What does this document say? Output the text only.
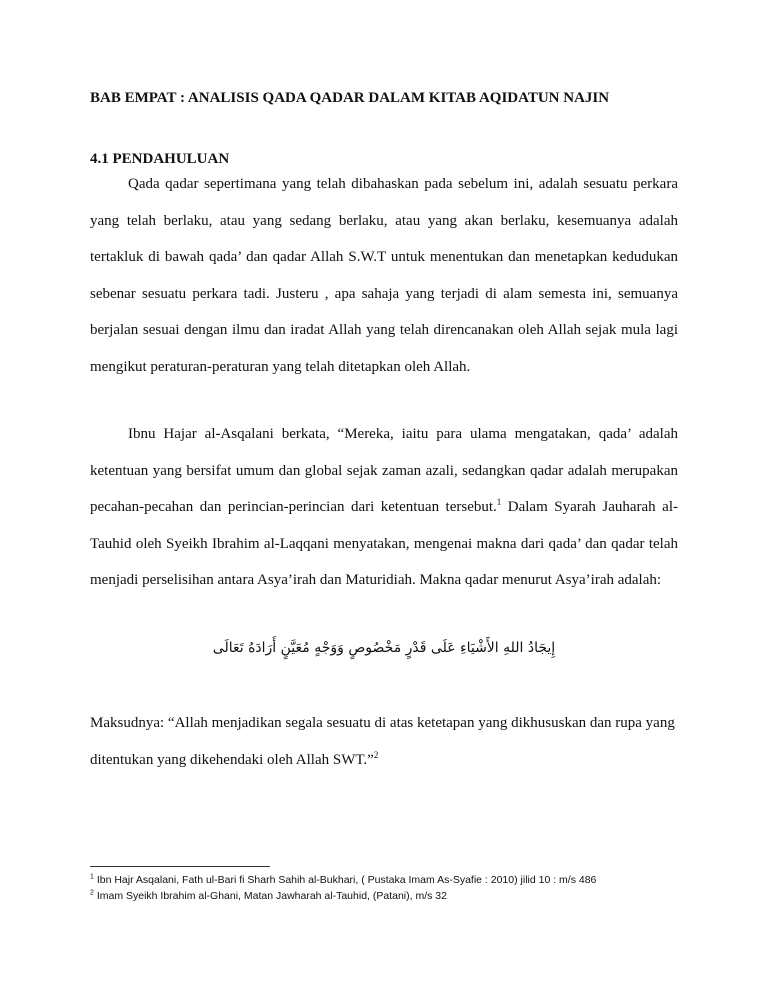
BAB EMPAT : ANALISIS QADA QADAR DALAM KITAB AQIDATUN NAJIN
4.1 PENDAHULUAN

Qada qadar sepertimana yang telah dibahaskan pada sebelum ini, adalah sesuatu perkara yang telah berlaku, atau yang sedang berlaku, atau yang akan berlaku, kesemuanya adalah tertakluk di bawah qada’ dan qadar Allah S.W.T untuk menentukan dan menetapkan kedudukan sebenar sesuatu perkara tadi. Justeru , apa sahaja yang terjadi di alam semesta ini, semuanya berjalan sesuai dengan ilmu dan iradat Allah yang telah direncanakan oleh Allah sejak mula lagi mengikut peraturan-peraturan yang telah ditetapkan oleh Allah.

Ibnu Hajar al-Asqalani berkata, “Mereka, iaitu para ulama mengatakan, qada’ adalah ketentuan yang bersifat umum dan global sejak zaman azali, sedangkan qadar adalah merupakan pecahan-pecahan dan perincian-perincian dari ketentuan tersebut.$^1$ Dalam Syarah Jauharah al-Tauhid oleh Syeikh Ibrahim al-Laqqani menyatakan, mengenai makna dari qada’ dan qadar telah menjadi perselisihan antara Asya’irah dan Maturidiah. Makna qadar menurut Asya’irah adalah:

إِيجَادُ اللهِ الأَشْيَاءِ عَلَى قَدْرٍ مَخْصُوصٍ وَوَجْهٍ مُعَيَّنٍ أَرَادَهُ تَعَالَى

Maksudnya: “Allah menjadikan segala sesuatu di atas ketetapan yang dikhususkan dan rupa yang ditentukan yang dikehendaki oleh Allah SWT.”$^2$

$^1$ Ibn Hajr Asqalani, Fath ul-Bari fi Sharh Sahih al-Bukhari, ( Pustaka Imam As-Syafie : 2010) jilid 10 : m/s 486
$^2$ Imam Syeikh Ibrahim al-Ghani, Matan Jawharah al-Tauhid, (Patani), m/s 32
